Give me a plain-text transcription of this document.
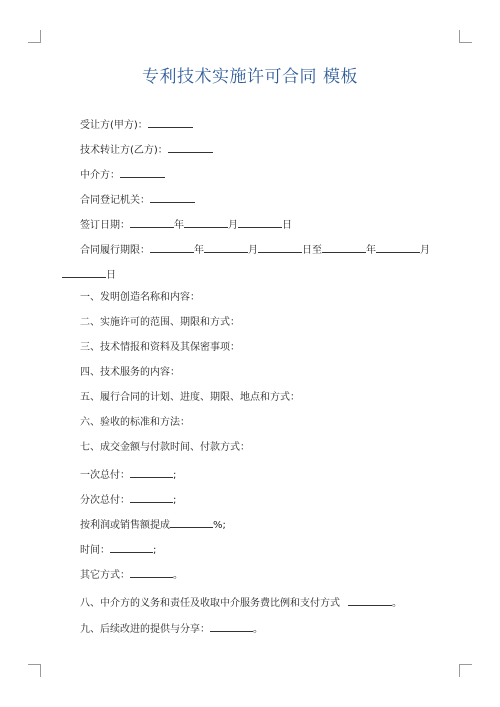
专利技术实施许可合同 模板
受让方(甲方)：
技术转让方(乙方)：
中介方：
合同登记机关：
签订日期：	年	月	日
合同履行期限：	年	月	日至	年	月
日
一、发明创造名称和内容：
二、实施许可的范围、期限和方式：
三、技术情报和资料及其保密事项：
四、技术服务的内容：
五、履行合同的计划、进度、期限、地点和方式：
六、验收的标准和方法：
七、成交金额与付款时间、付款方式：
一次总付：	;
分次总付：	;
按利润或销售额提成	%;
时间：	;
其它方式：	。
八、中介方的义务和责任及收取中介服务费比例和支付方式	。
九、后续改进的提供与分享：	。
